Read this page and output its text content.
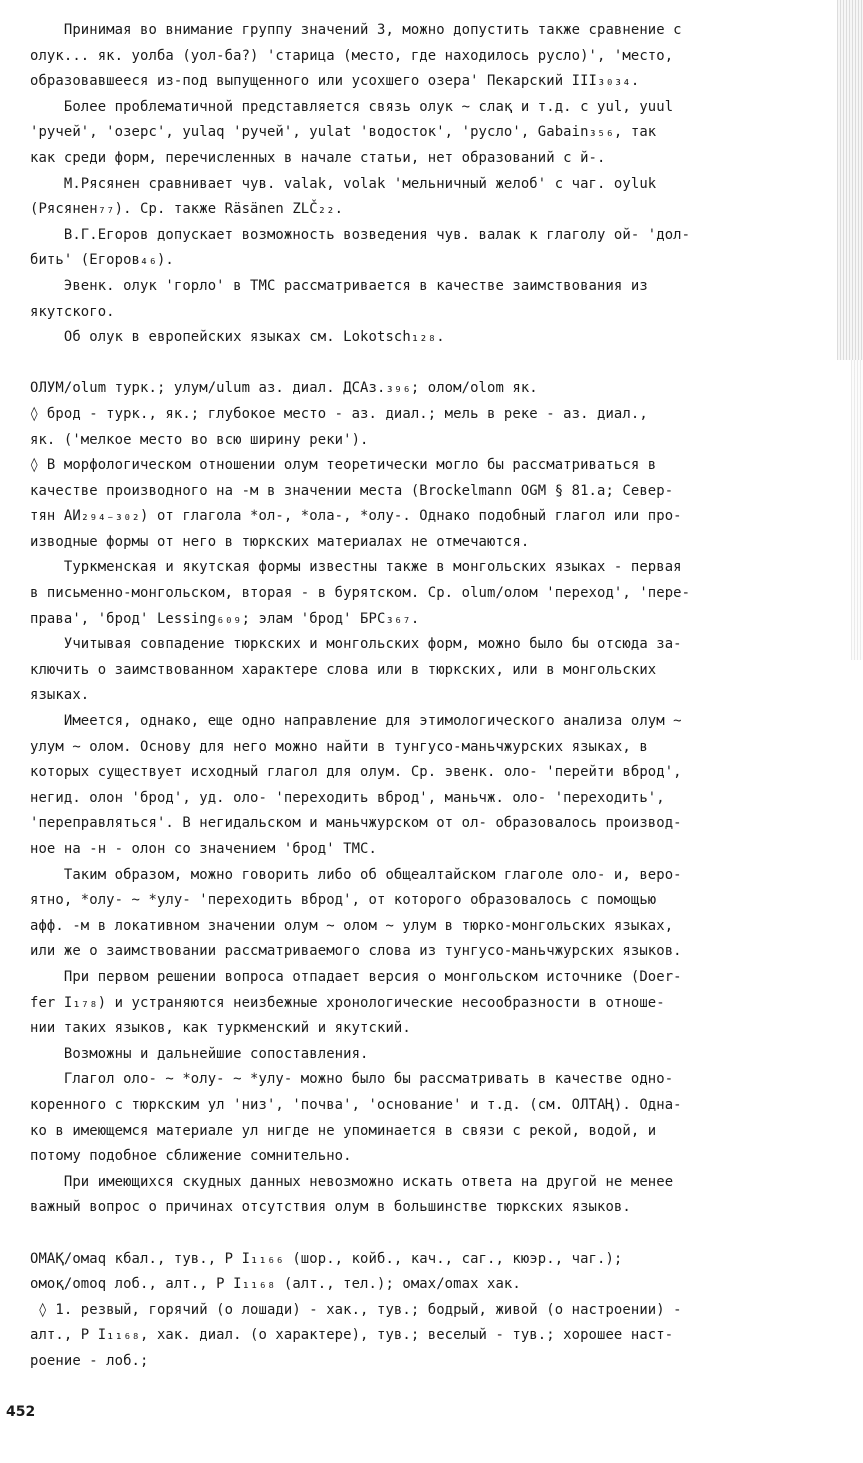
Принимая во внимание группу значений 3, можно допустить также сравнение с
олук... як. уолба (уол-ба?) 'старица (место, где находилось русло)', 'место,
образовавшееся из-под выпущенного или усохшего озера' Пекарский III₃₀₃₄.
Более проблематичной представляется связь олук ~ слақ и т.д. с yul, yuul
'ручей', 'озерс', yulaq 'ручей', yulat 'водосток', 'русло', Gabain₃₅₆, так
как среди форм, перечисленных в начале статьи, нет образований с й-.
М.Рясянен сравнивает чув. valak, volak 'мельничный желоб' с чаг. oyluk
(Рясянен₇₇). Ср. также Räsänen ZLČ₂₂.
В.Г.Егоров допускает возможность возведения чув. валак к глаголу ой- 'дол-
бить' (Егоров₄₆).
Эвенк. олук 'горло' в ТМС рассматривается в качестве заимствования из
якутского.
Об олук в европейских языках см. Lokotsch₁₂₈.
ОЛУМ/olum турк.; улум/ulum аз. диал. ДСАз.₃₉₆; олом/olom як.
◊ брод - турк., як.; глубокое место - аз. диал.; мель в реке - аз. диал.,
як. ('мелкое место во всю ширину реки').
◊ В морфологическом отношении олум теоретически могло бы рассматриваться в
качестве производного на -м в значении места (Brockelmann OGM § 81.a; Север-
тян АИ₂₉₄₋₃₀₂) от глагола *ол-, *ола-, *олу-. Однако подобный глагол или про-
изводные формы от него в тюркских материалах не отмечаются.
Туркменская и якутская формы известны также в монгольских языках - первая
в письменно-монгольском, вторая - в бурятском. Ср. olum/олом 'переход', 'пере-
права', 'брод' Lessing₆₀₉; элам 'брод' БРС₃₆₇.
Учитывая совпадение тюркских и монгольских форм, можно было бы отсюда за-
ключить о заимствованном характере слова или в тюркских, или в монгольских
языках.
Имеется, однако, еще одно направление для этимологического анализа олум ~
улум ~ олом. Основу для него можно найти в тунгусо-маньчжурских языках, в
которых существует исходный глагол для олум. Ср. эвенк. оло- 'перейти вброд',
негид. олон 'брод', уд. оло- 'переходить вброд', маньчж. оло- 'переходить',
'переправляться'. В негидальском и маньчжурском от ол- образовалось производ-
ное на -н - олон со значением 'брод' ТМС.
Таким образом, можно говорить либо об общеалтайском глаголе оло- и, веро-
ятно, *олу- ~ *улу- 'переходить вброд', от которого образовалось с помощью
афф. -м в локативном значении олум ~ олом ~ улум в тюрко-монгольских языках,
или же о заимствовании рассматриваемого слова из тунгусо-маньчжурских языков.
При первом решении вопроса отпадает версия о монгольском источнике (Doer-
fer I₁₇₈) и устраняются неизбежные хронологические несообразности в отноше-
нии таких языков, как туркменский и якутский.
Возможны и дальнейшие сопоставления.
Глагол оло- ~ *олу- ~ *улу- можно было бы рассматривать в качестве одно-
коренного с тюркским ул 'низ', 'почва', 'основание' и т.д. (см. ОЛТАҢ). Одна-
ко в имеющемся материале ул нигде не упоминается в связи с рекой, водой, и
потому подобное сближение сомнительно.
При имеющихся скудных данных невозможно искать ответа на другой не менее
важный вопрос о причинах отсутствия олум в большинстве тюркских языков.
ОМАҚ/омаq кбал., тув., Р I₁₁₆₆ (шор., койб., кач., саг., кюэр., чаг.);
омоқ/omoq лоб., алт., Р I₁₁₆₈ (алт., тел.); омах/omax хак.
◊ 1. резвый, горячий (о лошади) - хак., тув.; бодрый, живой (о настроении) -
алт., Р I₁₁₆₈, хак. диал. (о характере), тув.; веселый - тув.; хорошее наст-
роение - лоб.;
452
